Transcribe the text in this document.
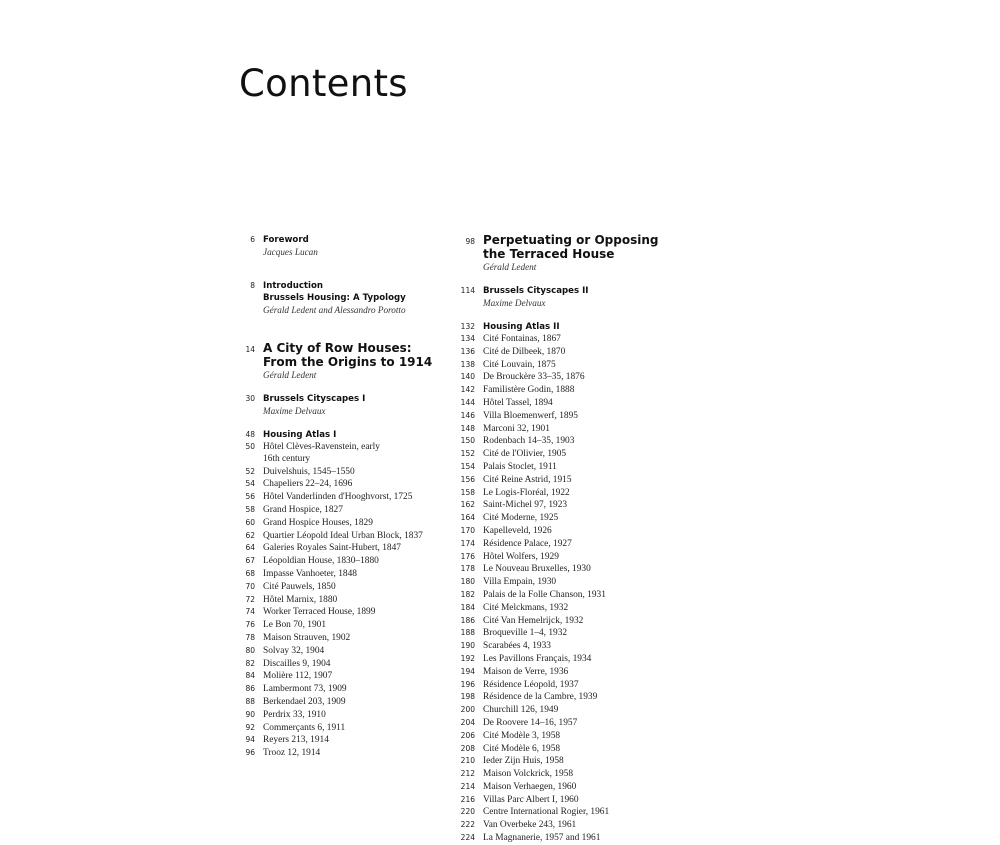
Contents
6 Foreword
Jacques Lucan
8 Introduction
Brussels Housing: A Typology
Gérald Ledent and Alessandro Porotto
14 A City of Row Houses:
From the Origins to 1914
Gérald Ledent
30 Brussels Cityscapes I
Maxime Delvaux
48 Housing Atlas I
50 Hôtel Clèves-Ravenstein, early
16th century
52 Duivelshuis, 1545–1550
54 Chapeliers 22–24, 1696
56 Hôtel Vanderlinden d'Hooghvorst, 1725
58 Grand Hospice, 1827
60 Grand Hospice Houses, 1829
62 Quartier Léopold Ideal Urban Block, 1837
64 Galeries Royales Saint-Hubert, 1847
67 Léopoldian House, 1830–1880
68 Impasse Vanhoeter, 1848
70 Cité Pauwels, 1850
72 Hôtel Marnix, 1880
74 Worker Terraced House, 1899
76 Le Bon 70, 1901
78 Maison Strauven, 1902
80 Solvay 32, 1904
82 Discailles 9, 1904
84 Molière 112, 1907
86 Lambermont 73, 1909
88 Berkendael 203, 1909
90 Perdrix 33, 1910
92 Commerçants 6, 1911
94 Reyers 213, 1914
96 Trooz 12, 1914
98 Perpetuating or Opposing
the Terraced House
Gérald Ledent
114 Brussels Cityscapes II
Maxime Delvaux
132 Housing Atlas II
134 Cité Fontainas, 1867
136 Cité de Dilbeek, 1870
138 Cité Louvain, 1875
140 De Brouckère 33–35, 1876
142 Familistère Godin, 1888
144 Hôtel Tassel, 1894
146 Villa Bloemenwerf, 1895
148 Marconi 32, 1901
150 Rodenbach 14–35, 1903
152 Cité de l'Olivier, 1905
154 Palais Stoclet, 1911
156 Cité Reine Astrid, 1915
158 Le Logis-Floréal, 1922
162 Saint-Michel 97, 1923
164 Cité Moderne, 1925
170 Kapelleveld, 1926
174 Résidence Palace, 1927
176 Hôtel Wolfers, 1929
178 Le Nouveau Bruxelles, 1930
180 Villa Empain, 1930
182 Palais de la Folle Chanson, 1931
184 Cité Melckmans, 1932
186 Cité Van Hemelrijck, 1932
188 Broqueville 1–4, 1932
190 Scarabées 4, 1933
192 Les Pavillons Français, 1934
194 Maison de Verre, 1936
196 Résidence Léopold, 1937
198 Résidence de la Cambre, 1939
200 Churchill 126, 1949
204 De Roovere 14–16, 1957
206 Cité Modèle 3, 1958
208 Cité Modèle 6, 1958
210 Ieder Zijn Huis, 1958
212 Maison Volckrick, 1958
214 Maison Verhaegen, 1960
216 Villas Parc Albert I, 1960
220 Centre International Rogier, 1961
222 Van Overbeke 243, 1961
224 La Magnanerie, 1957 and 1961
